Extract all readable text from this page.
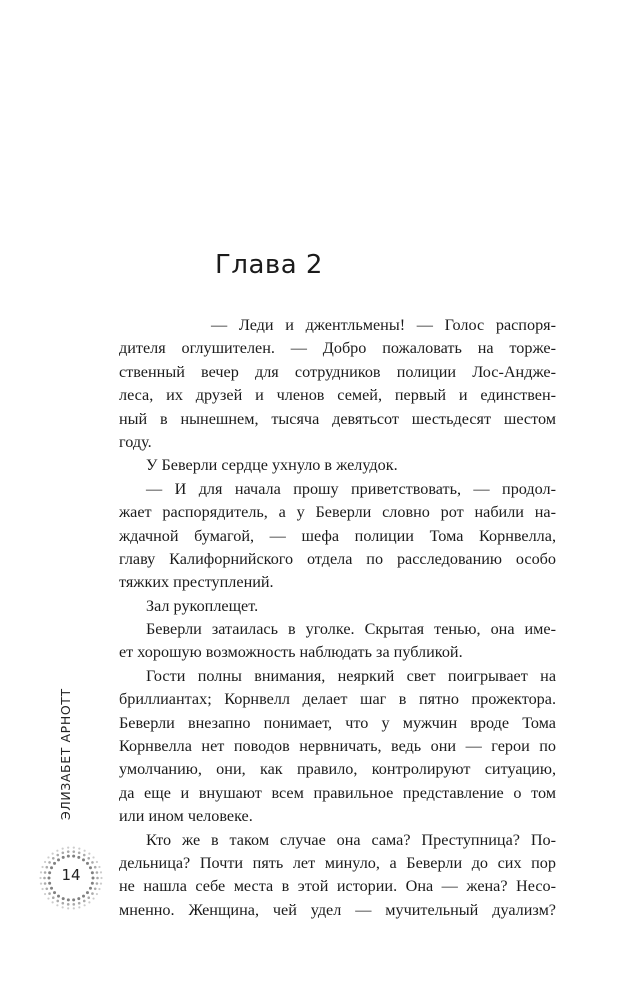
Глава 2
— Леди и джентльмены! — Голос распоря-
дителя оглушителен. — Добро пожаловать на торже-
ственный вечер для сотрудников полиции Лос-Андже-
леса, их друзей и членов семей, первый и единствен-
ный в нынешнем, тысяча девятьсот шестьдесят шестом
году.
У Беверли сердце ухнуло в желудок.
— И для начала прошу приветствовать, — продол-
жает распорядитель, а у Беверли словно рот набили на-
ждачной бумагой, — шефа полиции Тома Корнвелла,
главу Калифорнийского отдела по расследованию особо
тяжких преступлений.
Зал рукоплещет.
Беверли затаилась в уголке. Скрытая тенью, она име-
ет хорошую возможность наблюдать за публикой.
Гости полны внимания, неяркий свет поигрывает на
бриллиантах; Корнвелл делает шаг в пятно прожектора.
Беверли внезапно понимает, что у мужчин вроде Тома
Корнвелла нет поводов нервничать, ведь они — герои по
умолчанию, они, как правило, контролируют ситуацию,
да еще и внушают всем правильное представление о том
или ином человеке.
Кто же в таком случае она сама? Преступница? По-
дельница? Почти пять лет минуло, а Беверли до сих пор
не нашла себе места в этой истории. Она — жена? Несо-
мненно. Женщина, чей удел — мучительный дуализм?
ЭЛИЗАБЕТ АРНОТТ
14
